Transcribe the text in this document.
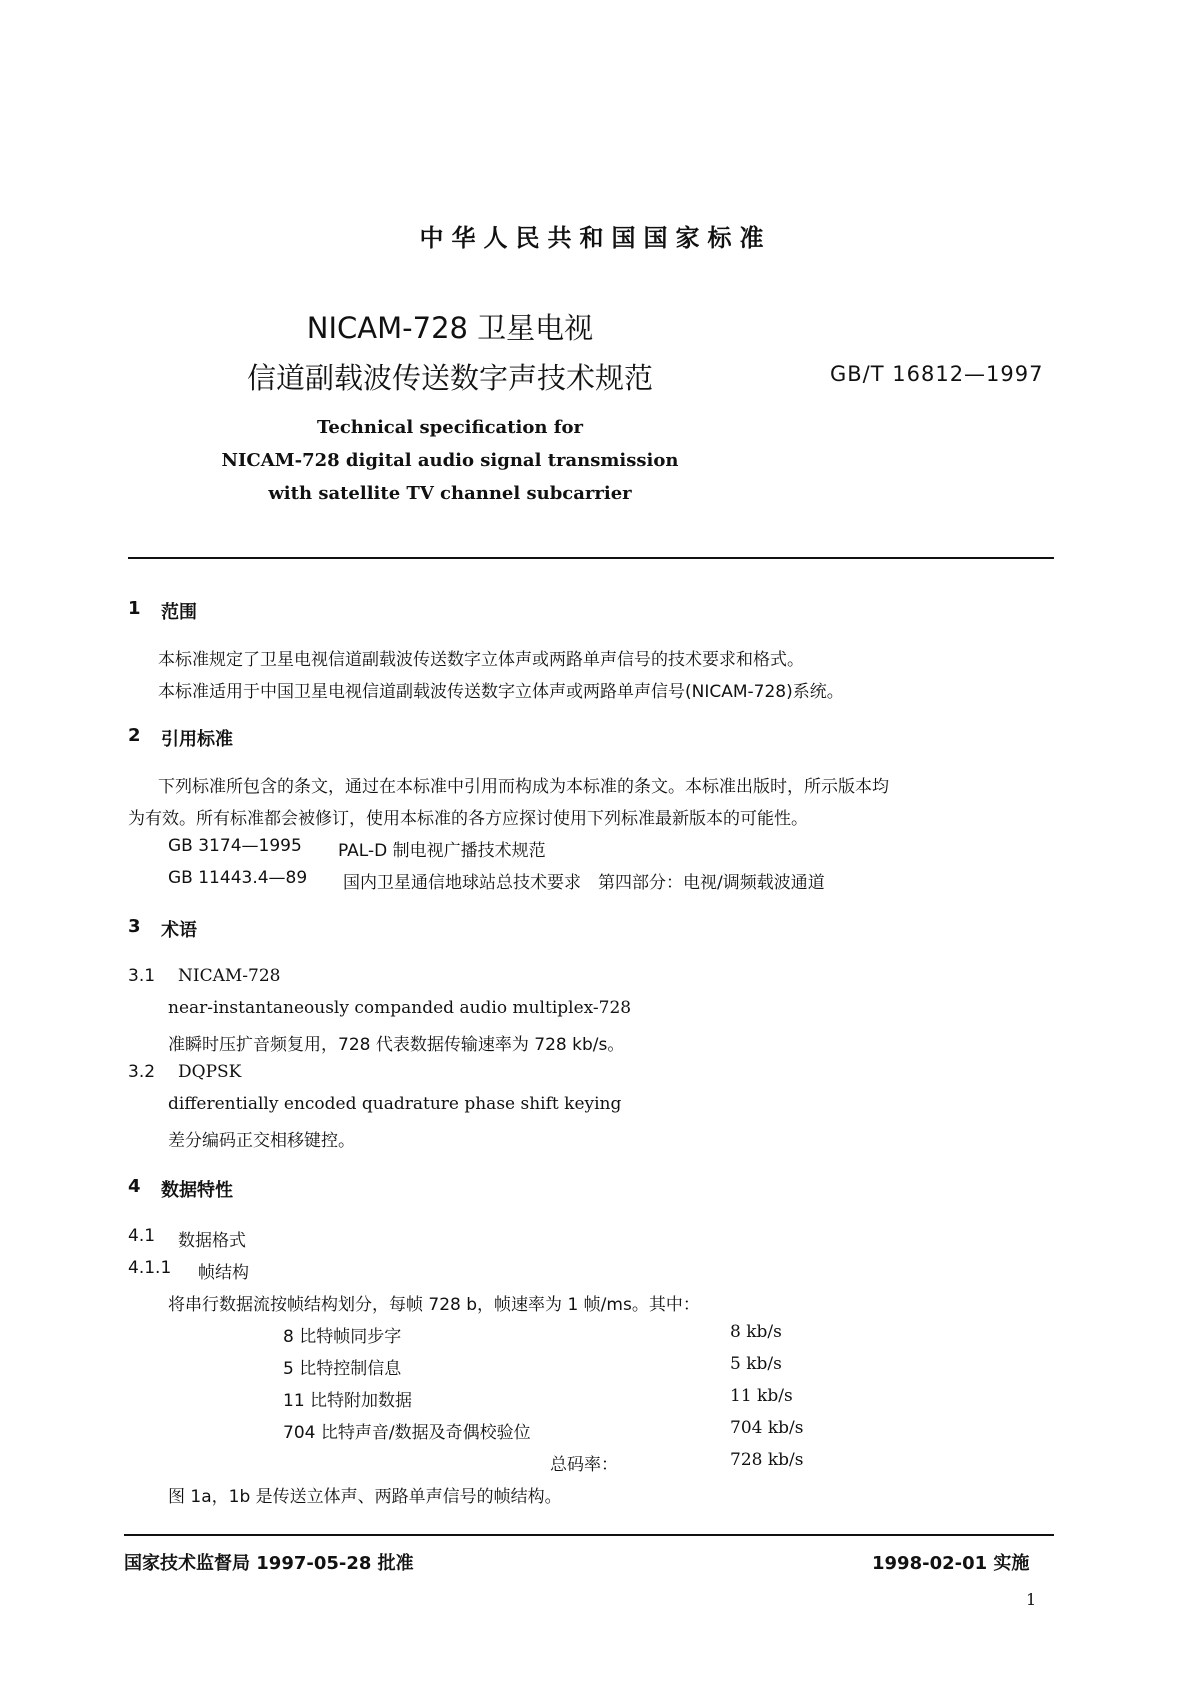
中华人民共和国国家标准
NICAM-728 卫星电视
信道副载波传送数字声技术规范	GB/T 16812—1997
Technical specification for
NICAM-728 digital audio signal transmission
with satellite TV channel subcarrier
1 范围
本标准规定了卫星电视信道副载波传送数字立体声或两路单声信号的技术要求和格式。
本标准适用于中国卫星电视信道副载波传送数字立体声或两路单声信号(NICAM-728)系统。
2 引用标准
下列标准所包含的条文，通过在本标准中引用而构成为本标准的条文。本标准出版时，所示版本均
为有效。所有标准都会被修订，使用本标准的各方应探讨使用下列标准最新版本的可能性。
GB 3174—1995 PAL-D 制电视广播技术规范
GB 11443.4—89 国内卫星通信地球站总技术要求　第四部分：电视/调频载波通道
3 术语
3.1 NICAM-728
near-instantaneously companded audio multiplex-728
准瞬时压扩音频复用，728 代表数据传输速率为 728 kb/s。
3.2 DQPSK
differentially encoded quadrature phase shift keying
差分编码正交相移键控。
4 数据特性
4.1 数据格式
4.1.1 帧结构
将串行数据流按帧结构划分，每帧 728 b，帧速率为 1 帧/ms。其中：
8 比特帧同步字	8 kb/s
5 比特控制信息	5 kb/s
11 比特附加数据	11 kb/s
704 比特声音/数据及奇偶校验位	704 kb/s
总码率：	728 kb/s
图 1a，1b 是传送立体声、两路单声信号的帧结构。
国家技术监督局 1997-05-28 批准	1998-02-01 实施
1
